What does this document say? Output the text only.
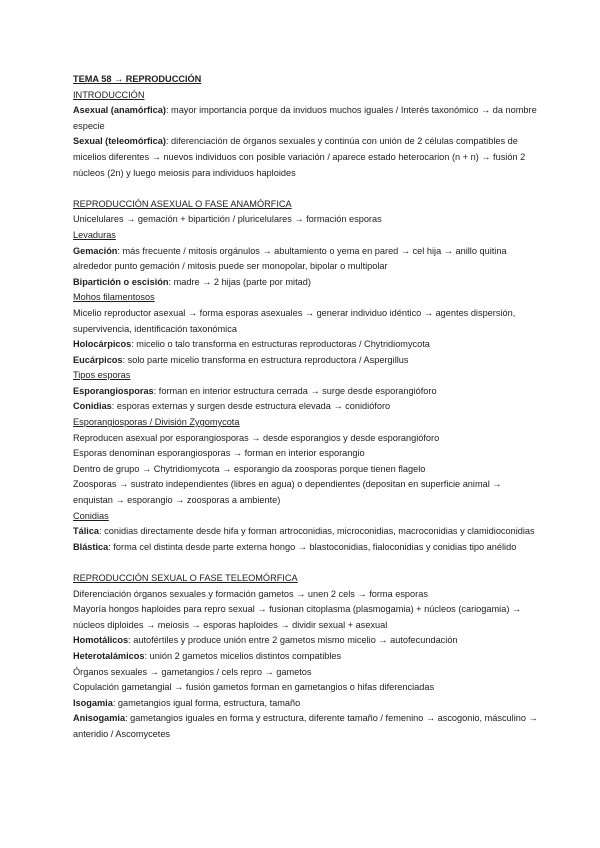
TEMA 58 → REPRODUCCIÓN
INTRODUCCIÓN
Asexual (anamórfica): mayor importancia porque da inviduos muchos iguales / Interés taxonómico → da nombre especie
Sexual (teleomórfica): diferenciación de órganos sexuales y continúa con unión de 2 células compatibles de micelios diferentes → nuevos individuos con posible variación / aparece estado heterocarion (n + n) → fusión 2 núcleos (2n) y luego meiosis para individuos haploides
REPRODUCCIÓN ASEXUAL O FASE ANAMÓRFICA
Unicelulares → gemación + bipartición / pluricelulares → formación esporas
Levaduras
Gemación: más frecuente / mitosis orgánulos → abultamiento o yema en pared → cel hija → anillo quitina alrededor punto gemación / mitosis puede ser monopolar, bipolar o multipolar
Bipartición o escisión: madre → 2 hijas (parte por mitad)
Mohos filamentosos
Micelio reproductor asexual → forma esporas asexuales → generar individuo idéntico → agentes dispersión, supervivencia, identificación taxonómica
Holocárpicos: micelio o talo transforma en estructuras reproductoras / Chytridiomycota
Eucárpicos: solo parte micelio transforma en estructura reproductora / Aspergillus
Tipos esporas
Esporangiosporas: forman en interior estructura cerrada → surge desde esporangióforo
Conidias: esporas externas y surgen desde estructura elevada → conidióforo
Esporangiosporas / División Zygomycota
Reproducen asexual por esporangiosporas → desde esporangios y desde esporangióforo
Esporas denominan esporangiosporas → forman en interior esporangio
Dentro de grupo → Chytridiomycota → esporangio da zoosporas porque tienen flagelo
Zoosporas → sustrato independientes (libres en agua) o dependientes (depositan en superficie animal → enquistan → esporangio → zoosporas a ambiente)
Conidias
Tálica: conidias directamente desde hifa y forman artroconidias, microconidias, macroconidias y clamidioconidias
Blástica: forma cel distinta desde parte externa hongo → blastoconidias, fialoconidias y conidias tipo anélido
REPRODUCCIÓN SEXUAL O FASE TELEOMÓRFICA
Diferenciación órganos sexuales y formación gametos → unen 2 cels → forma esporas
Mayoría hongos haploides para repro sexual → fusionan citoplasma (plasmogamia) + núcleos (cariogamia) → núcleos diploides → meiosis → esporas haploides → dividir sexual + asexual
Homotálicos: autofértiles y produce unión entre 2 gametos mismo micelio → autofecundación
Heterotalámicos: unión 2 gametos micelios distintos compatibles
Órganos sexuales → gametangios / cels repro → gametos
Copulación gametangial → fusión gametos forman en gametangios o hifas diferenciadas
Isogamia: gametangios igual forma, estructura, tamaño
Anisogamia: gametangios iguales en forma y estructura, diferente tamaño / femenino → ascogonio, másculino → anteridio / Ascomycetes
